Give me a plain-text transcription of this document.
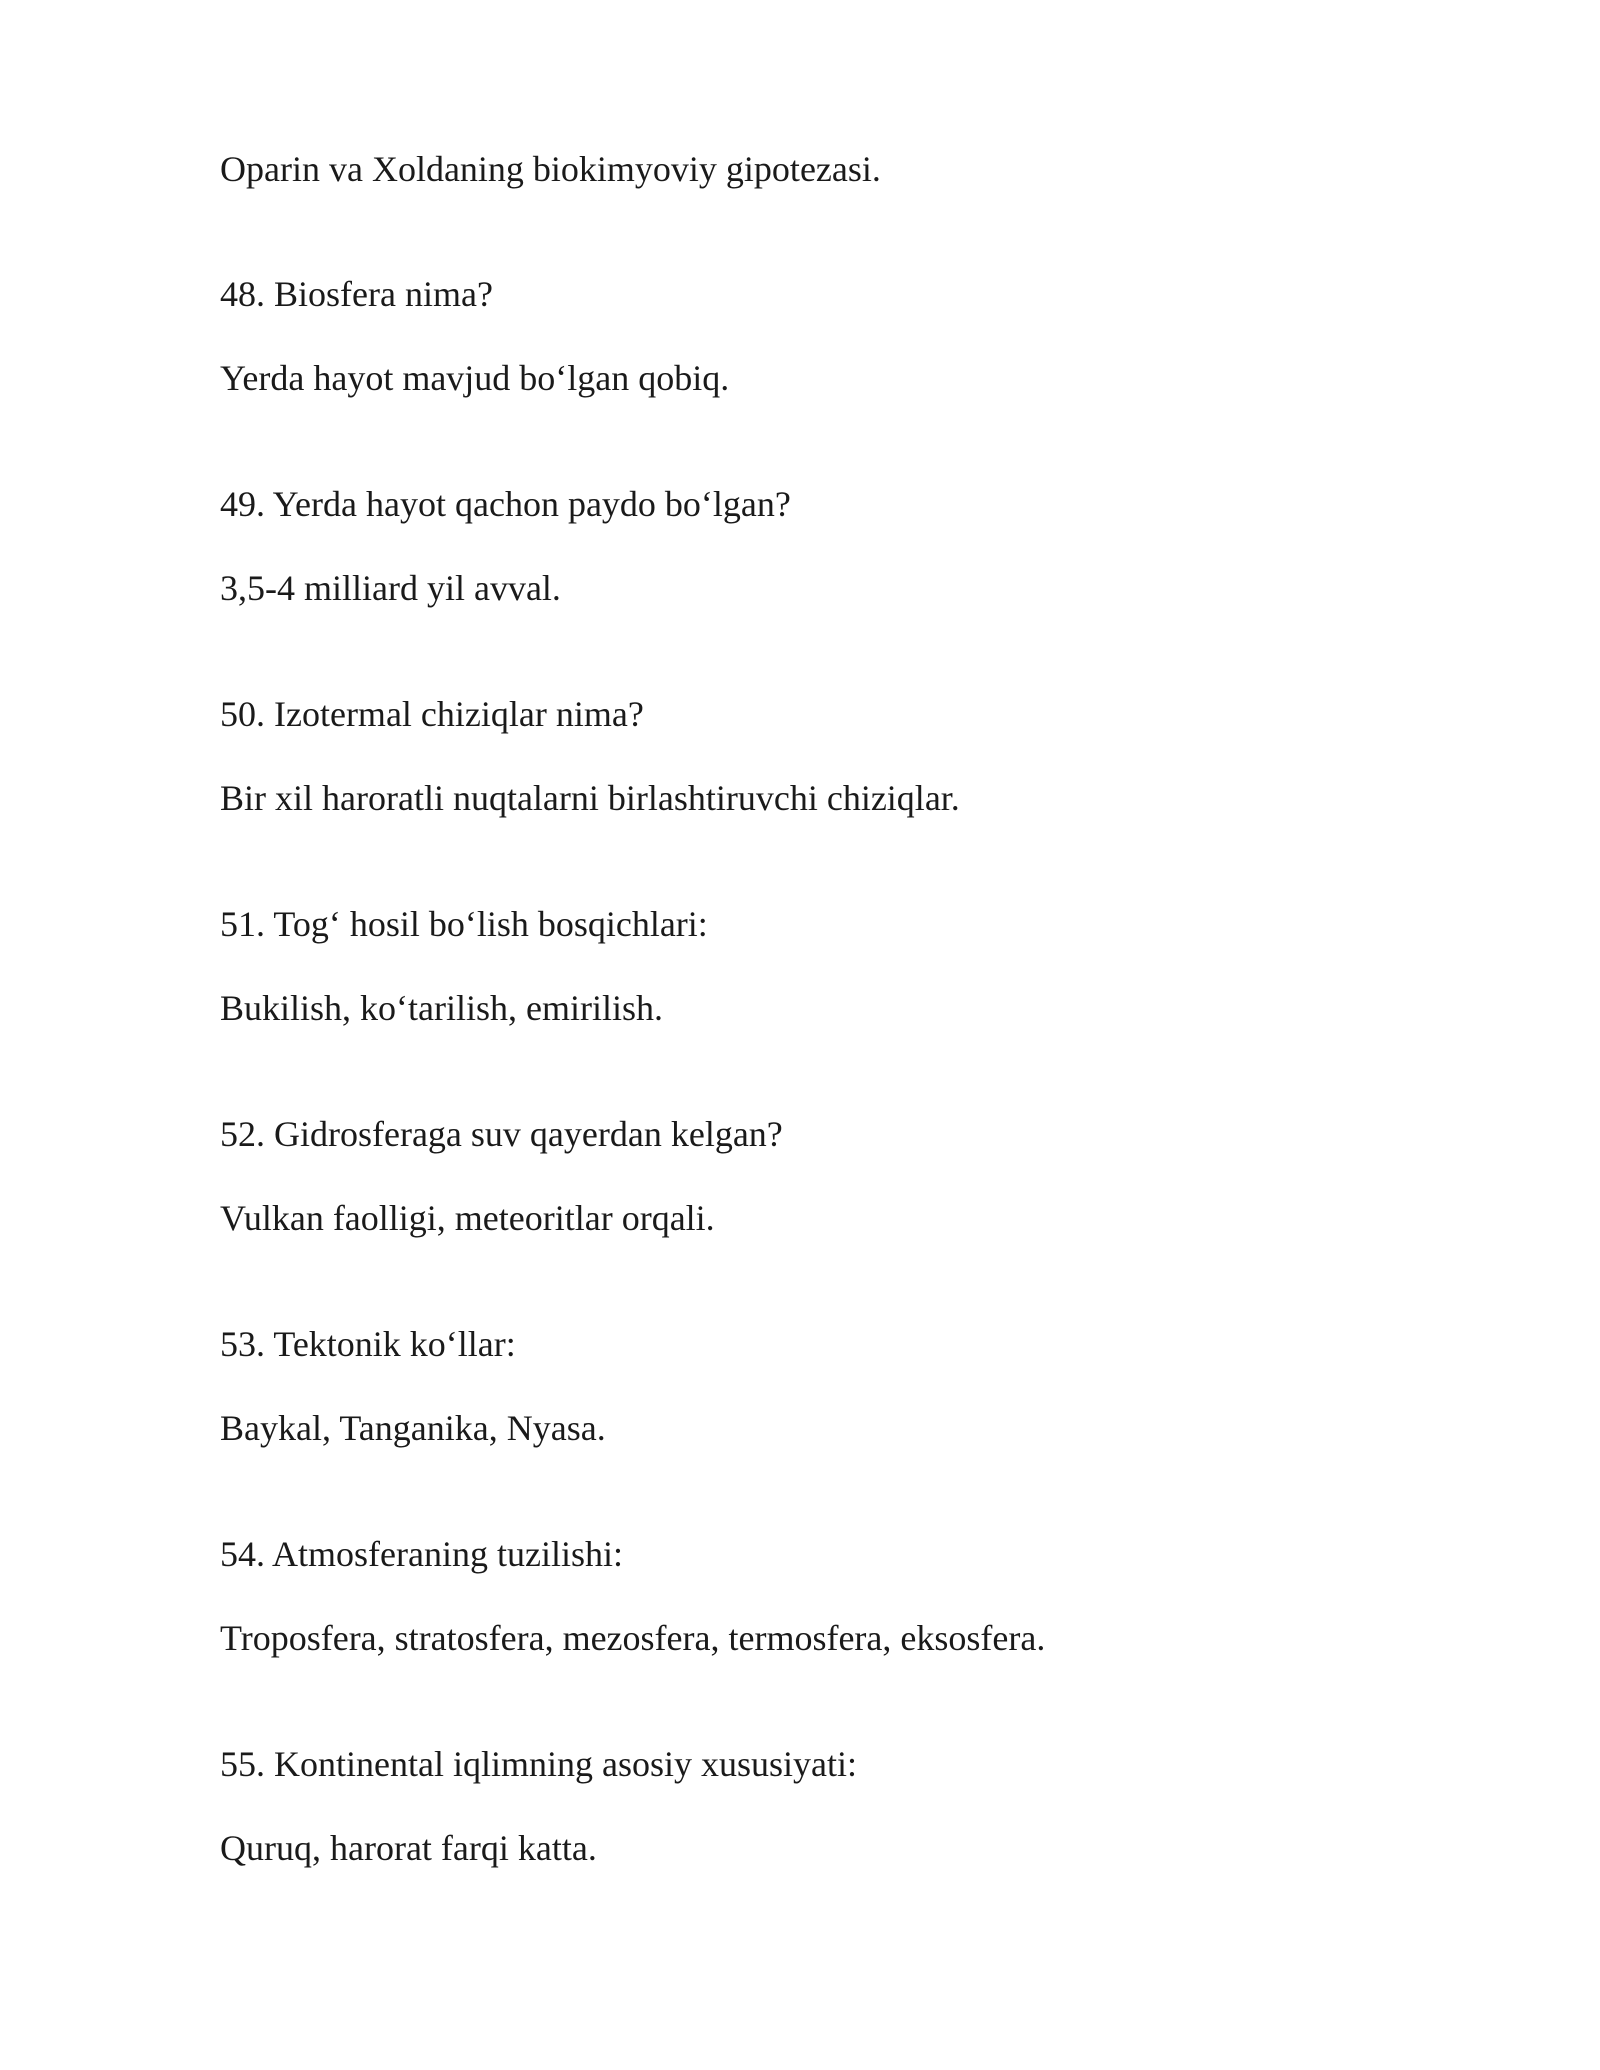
Oparin va Xoldaning biokimyoviy gipotezasi.

48. Biosfera nima?

Yerda hayot mavjud bo‘lgan qobiq.

49. Yerda hayot qachon paydo bo‘lgan?

3,5-4 milliard yil avval.

50. Izotermal chiziqlar nima?

Bir xil haroratli nuqtalarni birlashtiruvchi chiziqlar.

51. Tog‘ hosil bo‘lish bosqichlari:

Bukilish, ko‘tarilish, emirilish.

52. Gidrosferaga suv qayerdan kelgan?

Vulkan faolligi, meteoritlar orqali.

53. Tektonik ko‘llar:

Baykal, Tanganika, Nyasa.

54. Atmosferaning tuzilishi:

Troposfera, stratosfera, mezosfera, termosfera, eksosfera.

55. Kontinental iqlimning asosiy xususiyati:

Quruq, harorat farqi katta.
